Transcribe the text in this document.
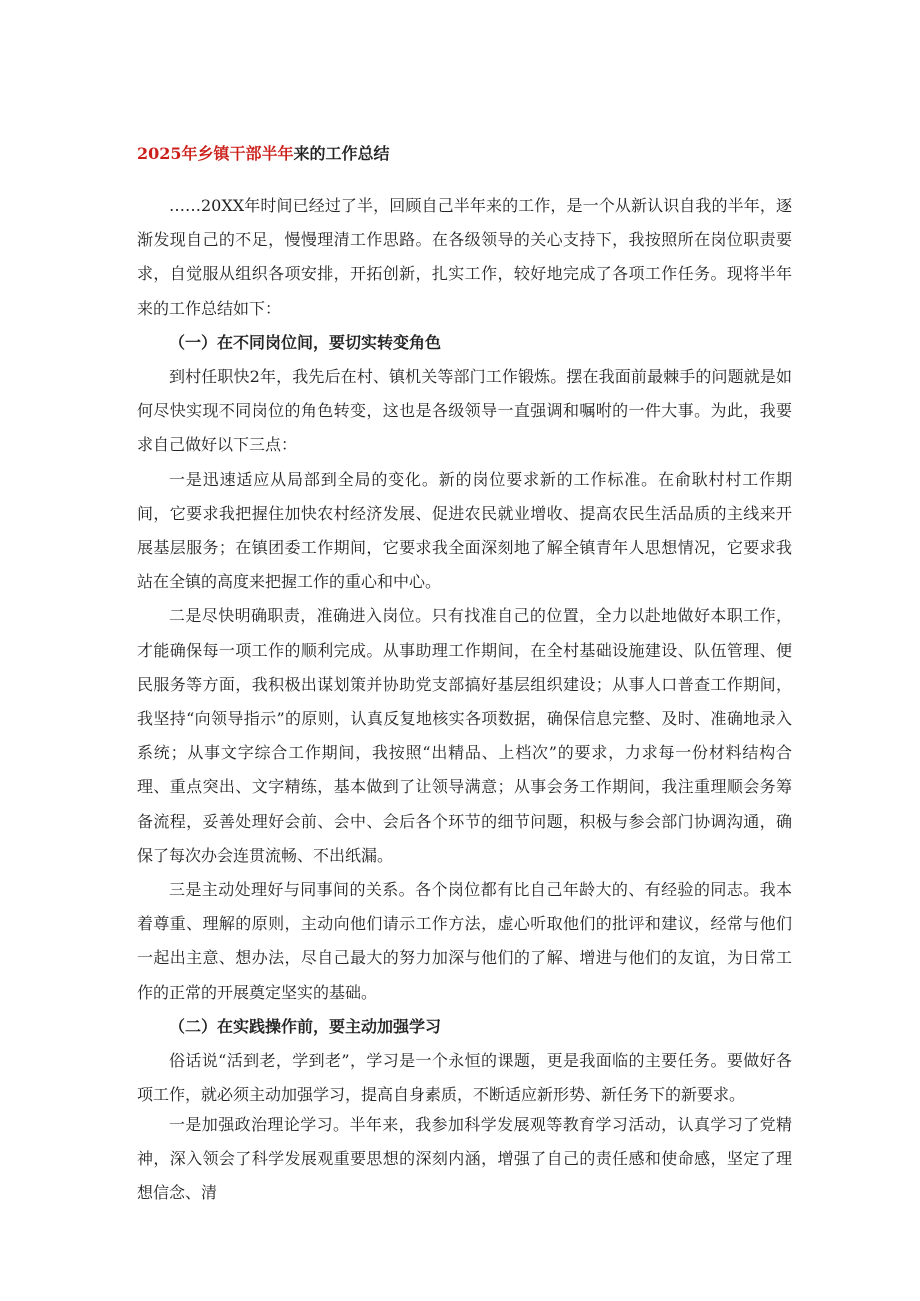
2025年乡镇干部半年来的工作总结

……20XX年时间已经过了半，回顾自己半年来的工作，是一个从新认识自我的半年，逐渐发现自己的不足，慢慢理清工作思路。在各级领导的关心支持下，我按照所在岗位职责要求，自觉服从组织各项安排，开拓创新，扎实工作，较好地完成了各项工作任务。现将半年来的工作总结如下：

（一）在不同岗位间，要切实转变角色

到村任职快2年，我先后在村、镇机关等部门工作锻炼。摆在我面前最棘手的问题就是如何尽快实现不同岗位的角色转变，这也是各级领导一直强调和嘱咐的一件大事。为此，我要求自己做好以下三点：

一是迅速适应从局部到全局的变化。新的岗位要求新的工作标准。在俞耿村村工作期间，它要求我把握住加快农村经济发展、促进农民就业增收、提高农民生活品质的主线来开展基层服务；在镇团委工作期间，它要求我全面深刻地了解全镇青年人思想情况，它要求我站在全镇的高度来把握工作的重心和中心。

二是尽快明确职责，准确进入岗位。只有找准自己的位置，全力以赴地做好本职工作，才能确保每一项工作的顺利完成。从事助理工作期间，在全村基础设施建设、队伍管理、便民服务等方面，我积极出谋划策并协助党支部搞好基层组织建设；从事人口普查工作期间，我坚持“向领导指示”的原则，认真反复地核实各项数据，确保信息完整、及时、准确地录入系统；从事文字综合工作期间，我按照“出精品、上档次”的要求，力求每一份材料结构合理、重点突出、文字精练，基本做到了让领导满意；从事会务工作期间，我注重理顺会务筹备流程，妥善处理好会前、会中、会后各个环节的细节问题，积极与参会部门协调沟通，确保了每次办会连贯流畅、不出纸漏。

三是主动处理好与同事间的关系。各个岗位都有比自己年龄大的、有经验的同志。我本着尊重、理解的原则，主动向他们请示工作方法，虚心听取他们的批评和建议，经常与他们一起出主意、想办法，尽自己最大的努力加深与他们的了解、增进与他们的友谊，为日常工作的正常的开展奠定坚实的基础。

（二）在实践操作前，要主动加强学习

俗话说“活到老，学到老”，学习是一个永恒的课题，更是我面临的主要任务。要做好各项工作，就必须主动加强学习，提高自身素质，不断适应新形势、新任务下的新要求。

一是加强政治理论学习。半年来，我参加科学发展观等教育学习活动，认真学习了党精神，深入领会了科学发展观重要思想的深刻内涵，增强了自己的责任感和使命感，坚定了理想信念、清
